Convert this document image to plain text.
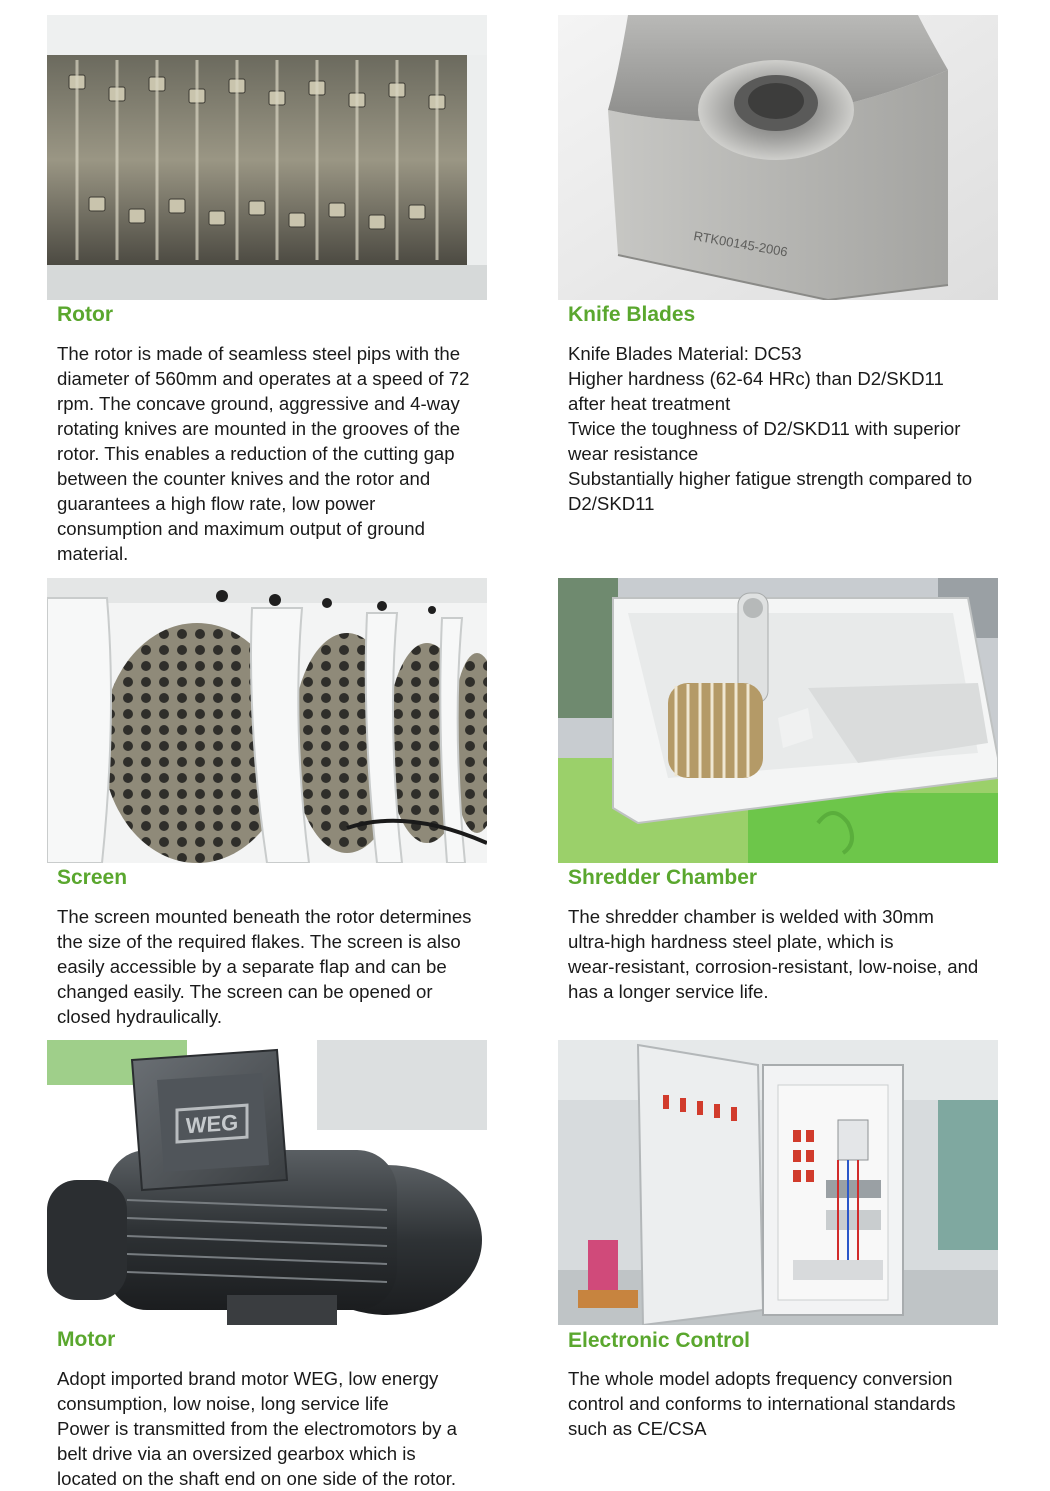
Rotor
The rotor is made of seamless steel pips with the
diameter of 560mm and operates at a speed of 72
rpm. The concave ground, aggressive and 4-way
rotating knives are mounted in the grooves of the
rotor. This enables a reduction of the cutting gap
between the counter knives and the rotor and
guarantees a high flow rate, low power
consumption and maximum output of ground
material.
RTK00145-2006
Knife Blades
Knife Blades Material: DC53
Higher hardness (62-64 HRc) than D2/SKD11
after heat treatment
Twice the toughness of D2/SKD11 with superior
wear resistance
Substantially higher fatigue strength compared to
D2/SKD11
Screen
The screen mounted beneath the rotor determines
the size of the required flakes. The screen is also
easily accessible by a separate flap and can be
changed easily. The screen can be opened or
closed hydraulically.
Shredder Chamber
The shredder chamber is welded with 30mm
ultra-high hardness steel plate, which is
wear-resistant, corrosion-resistant, low-noise, and
has a longer service life.
WEG
Motor
Adopt imported brand motor WEG, low energy
consumption, low noise, long service life
Power is transmitted from the electromotors by a
belt drive via an oversized gearbox which is
located on the shaft end on one side of the rotor.
Electronic Control
The whole model adopts frequency conversion
control and conforms to international standards
such as CE/CSA
